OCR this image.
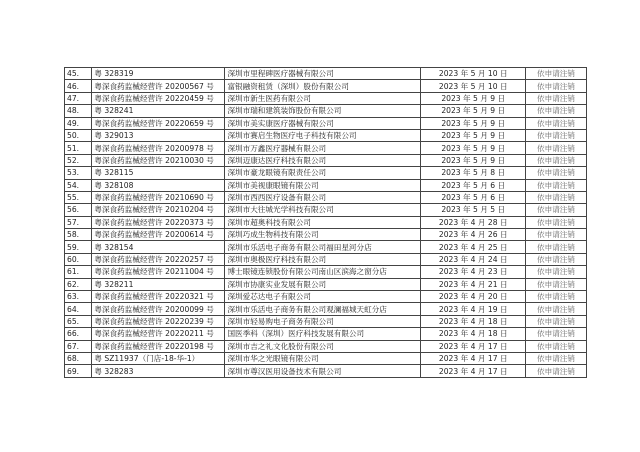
45.	粤 328319	深圳市里程碑医疗器械有限公司	2023 年 5 月 10 日	依申请注销
46.	粤深食药监械经营许 20200567 号	富银融资租赁（深圳）股份有限公司	2023 年 5 月 10 日	依申请注销
47.	粤深食药监械经营许 20220459 号	深圳市新生医药有限公司	2023 年 5 月 9 日	依申请注销
48.	粤 328241	深圳市瑞和建筑装饰股份有限公司	2023 年 5 月 9 日	依申请注销
49.	粤深食药监械经营许 20220659 号	深圳市美实康医疗器械有限公司	2023 年 5 月 9 日	依申请注销
50.	粤 329013	深圳市赛启生物医疗电子科技有限公司	2023 年 5 月 9 日	依申请注销
51.	粤深食药监械经营许 20200978 号	深圳市万鑫医疗器械有限公司	2023 年 5 月 9 日	依申请注销
52.	粤深食药监械经营许 20210030 号	深圳迈康达医疗科技有限公司	2023 年 5 月 9 日	依申请注销
53.	粤 328115	深圳市豪龙眼镜有限责任公司	2023 年 5 月 8 日	依申请注销
54.	粤 328108	深圳市美视康眼镜有限公司	2023 年 5 月 6 日	依申请注销
55.	粤深食药监械经营许 20210690 号	深圳市西西医疗设备有限公司	2023 年 5 月 6 日	依申请注销
56.	粤深食药监械经营许 20210204 号	深圳市大往城光学科技有限公司	2023 年 5 月 5 日	依申请注销
57.	粤深食药监械经营许 20220373 号	深圳市超奥科技有限公司	2023 年 4 月 28 日	依申请注销
58.	粤深食药监械经营许 20200614 号	深圳巧成生物科技有限公司	2023 年 4 月 26 日	依申请注销
59.	粤 328154	深圳市乐活电子商务有限公司福田星河分店	2023 年 4 月 25 日	依申请注销
60.	粤深食药监械经营许 20220257 号	深圳市奥极医疗科技有限公司	2023 年 4 月 24 日	依申请注销
61.	粤深食药监械经营许 20211004 号	博士眼镜连锁股份有限公司南山区滨海之窗分店	2023 年 4 月 23 日	依申请注销
62.	粤 328211	深圳市协康实业发展有限公司	2023 年 4 月 21 日	依申请注销
63.	粤深食药监械经营许 20220321 号	深圳爱芯达电子有限公司	2023 年 4 月 20 日	依申请注销
64.	粤深食药监械经营许 20200099 号	深圳市乐活电子商务有限公司观澜福城天虹分店	2023 年 4 月 19 日	依申请注销
65.	粤深食药监械经营许 20220239 号	深圳市轻易购电子商务有限公司	2023 年 4 月 18 日	依申请注销
66.	粤深食药监械经营许 20220211 号	国医季科（深圳）医疗科技发展有限公司	2023 年 4 月 18 日	依申请注销
67.	粤深食药监械经营许 20220198 号	深圳市吉之礼文化股份有限公司	2023 年 4 月 17 日	依申请注销
68.	粤 SZ11937（门店-18-华-1）	深圳市华之光眼镜有限公司	2023 年 4 月 17 日	依申请注销
69.	粤 328283	深圳市尊汉医用设备技术有限公司	2023 年 4 月 17 日	依申请注销
